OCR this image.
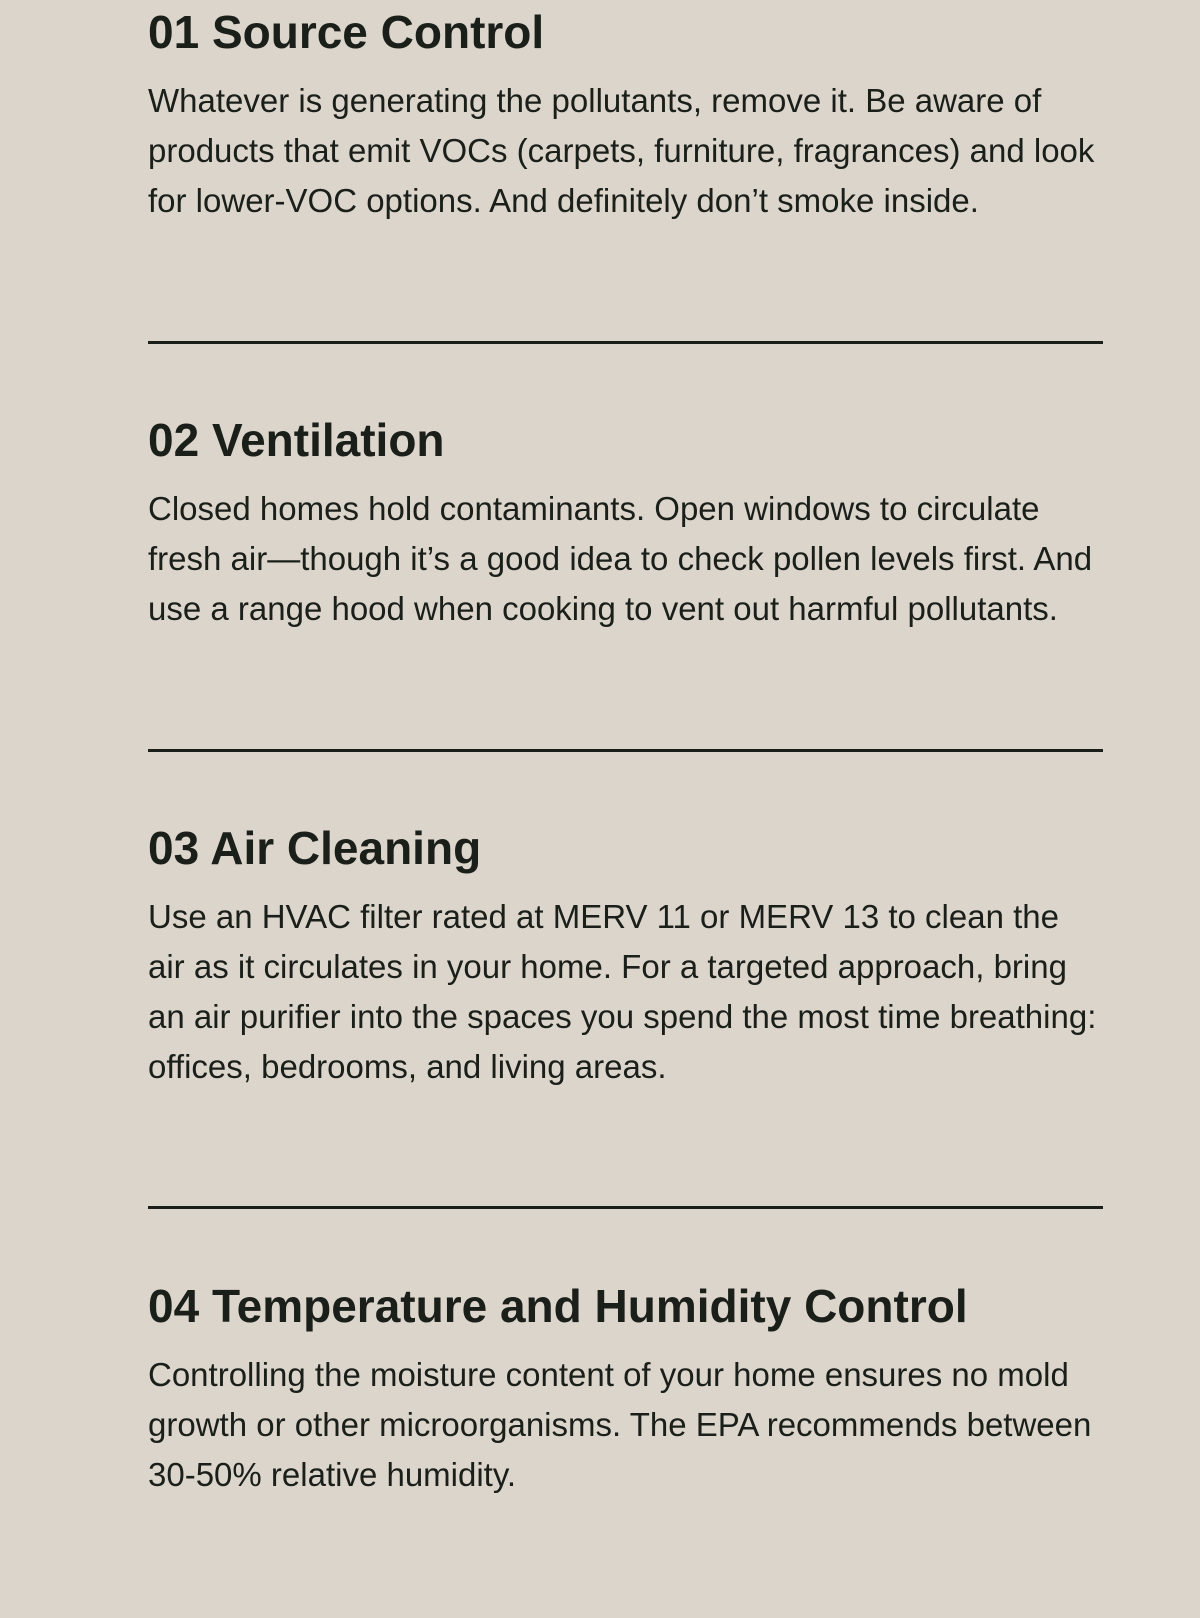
01 Source Control

Whatever is generating the pollutants, remove it. Be aware of products that emit VOCs (carpets, furniture, fragrances) and look for lower-VOC options. And definitely don’t smoke inside.

02 Ventilation

Closed homes hold contaminants. Open windows to circulate fresh air—though it’s a good idea to check pollen levels first. And use a range hood when cooking to vent out harmful pollutants.

03 Air Cleaning

Use an HVAC filter rated at MERV 11 or MERV 13 to clean the air as it circulates in your home. For a targeted approach, bring an air purifier into the spaces you spend the most time breathing: offices, bedrooms, and living areas.

04 Temperature and Humidity Control

Controlling the moisture content of your home ensures no mold growth or other microorganisms. The EPA recommends between 30-50% relative humidity.
